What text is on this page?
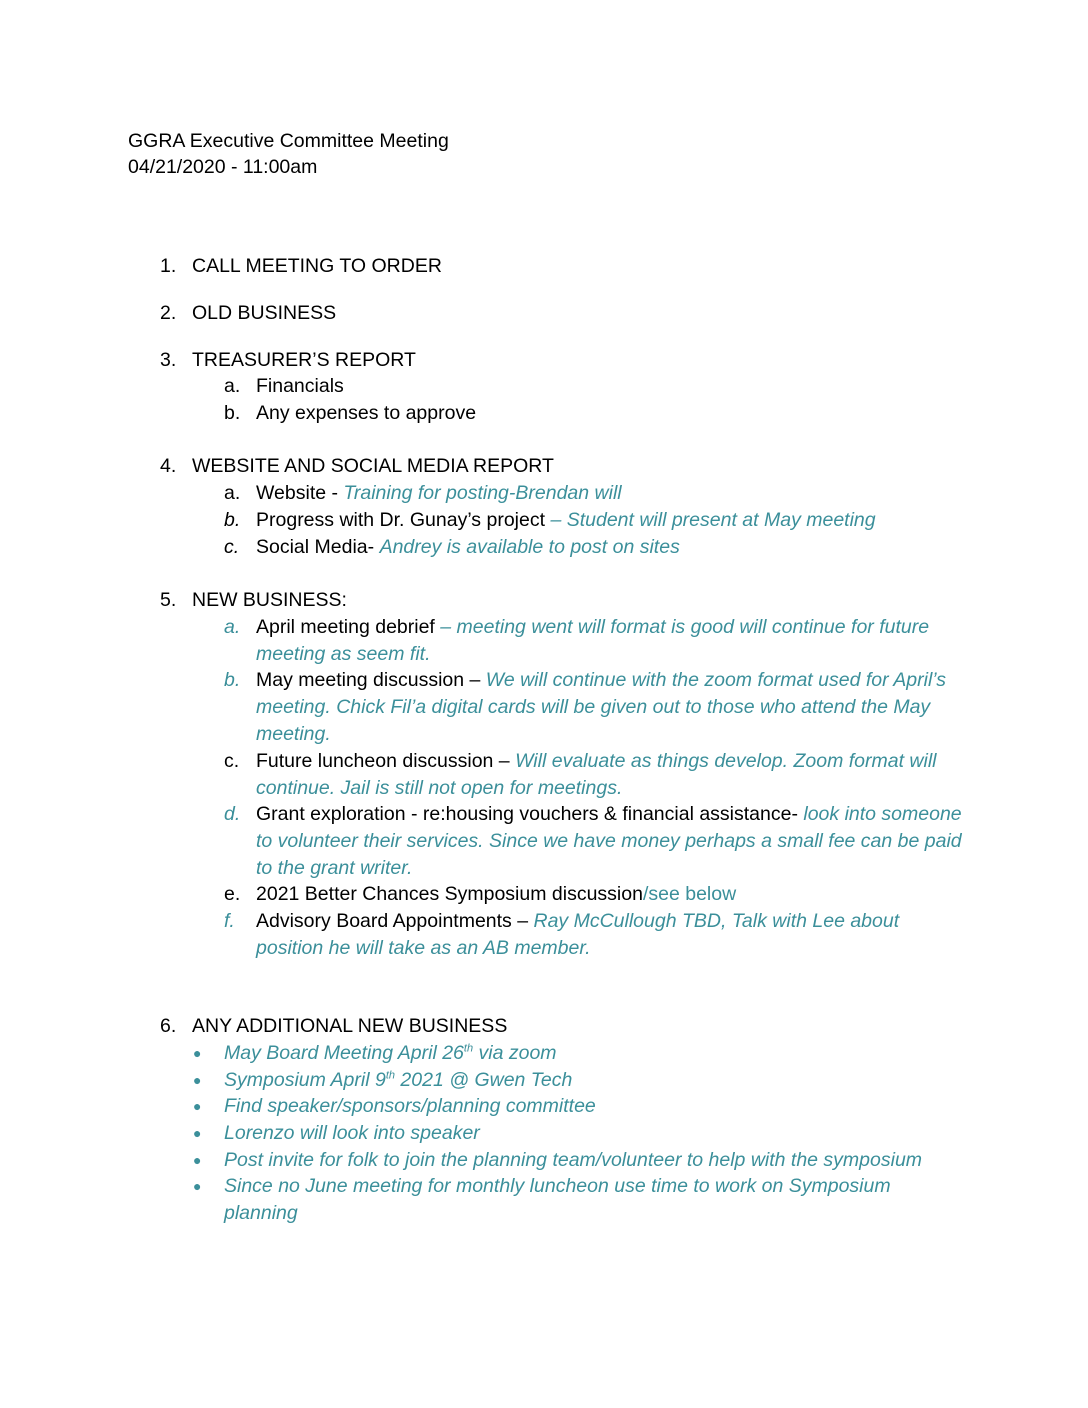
GGRA Executive Committee Meeting
04/21/2020 - 11:00am
1. CALL MEETING TO ORDER
2. OLD BUSINESS
3. TREASURER’S REPORT
a. Financials
b. Any expenses to approve
4. WEBSITE AND SOCIAL MEDIA REPORT
a. Website - Training for posting-Brendan will
b. Progress with Dr. Gunay’s project – Student will present at May meeting
c. Social Media- Andrey is available to post on sites
5. NEW BUSINESS:
a. April meeting debrief – meeting went will format is good will continue for future meeting as seem fit.
b. May meeting discussion – We will continue with the zoom format used for April’s meeting. Chick Fil’a digital cards will be given out to those who attend the May meeting.
c. Future luncheon discussion – Will evaluate as things develop. Zoom format will continue. Jail is still not open for meetings.
d. Grant exploration - re:housing vouchers & financial assistance- look into someone to volunteer their services. Since we have money perhaps a small fee can be paid to the grant writer.
e. 2021 Better Chances Symposium discussion/see below
f. Advisory Board Appointments – Ray McCullough TBD, Talk with Lee about position he will take as an AB member.
6. ANY ADDITIONAL NEW BUSINESS
● May Board Meeting April 26th via zoom
● Symposium April 9th 2021 @ Gwen Tech
● Find speaker/sponsors/planning committee
● Lorenzo will look into speaker
● Post invite for folk to join the planning team/volunteer to help with the symposium
● Since no June meeting for monthly luncheon use time to work on Symposium planning
